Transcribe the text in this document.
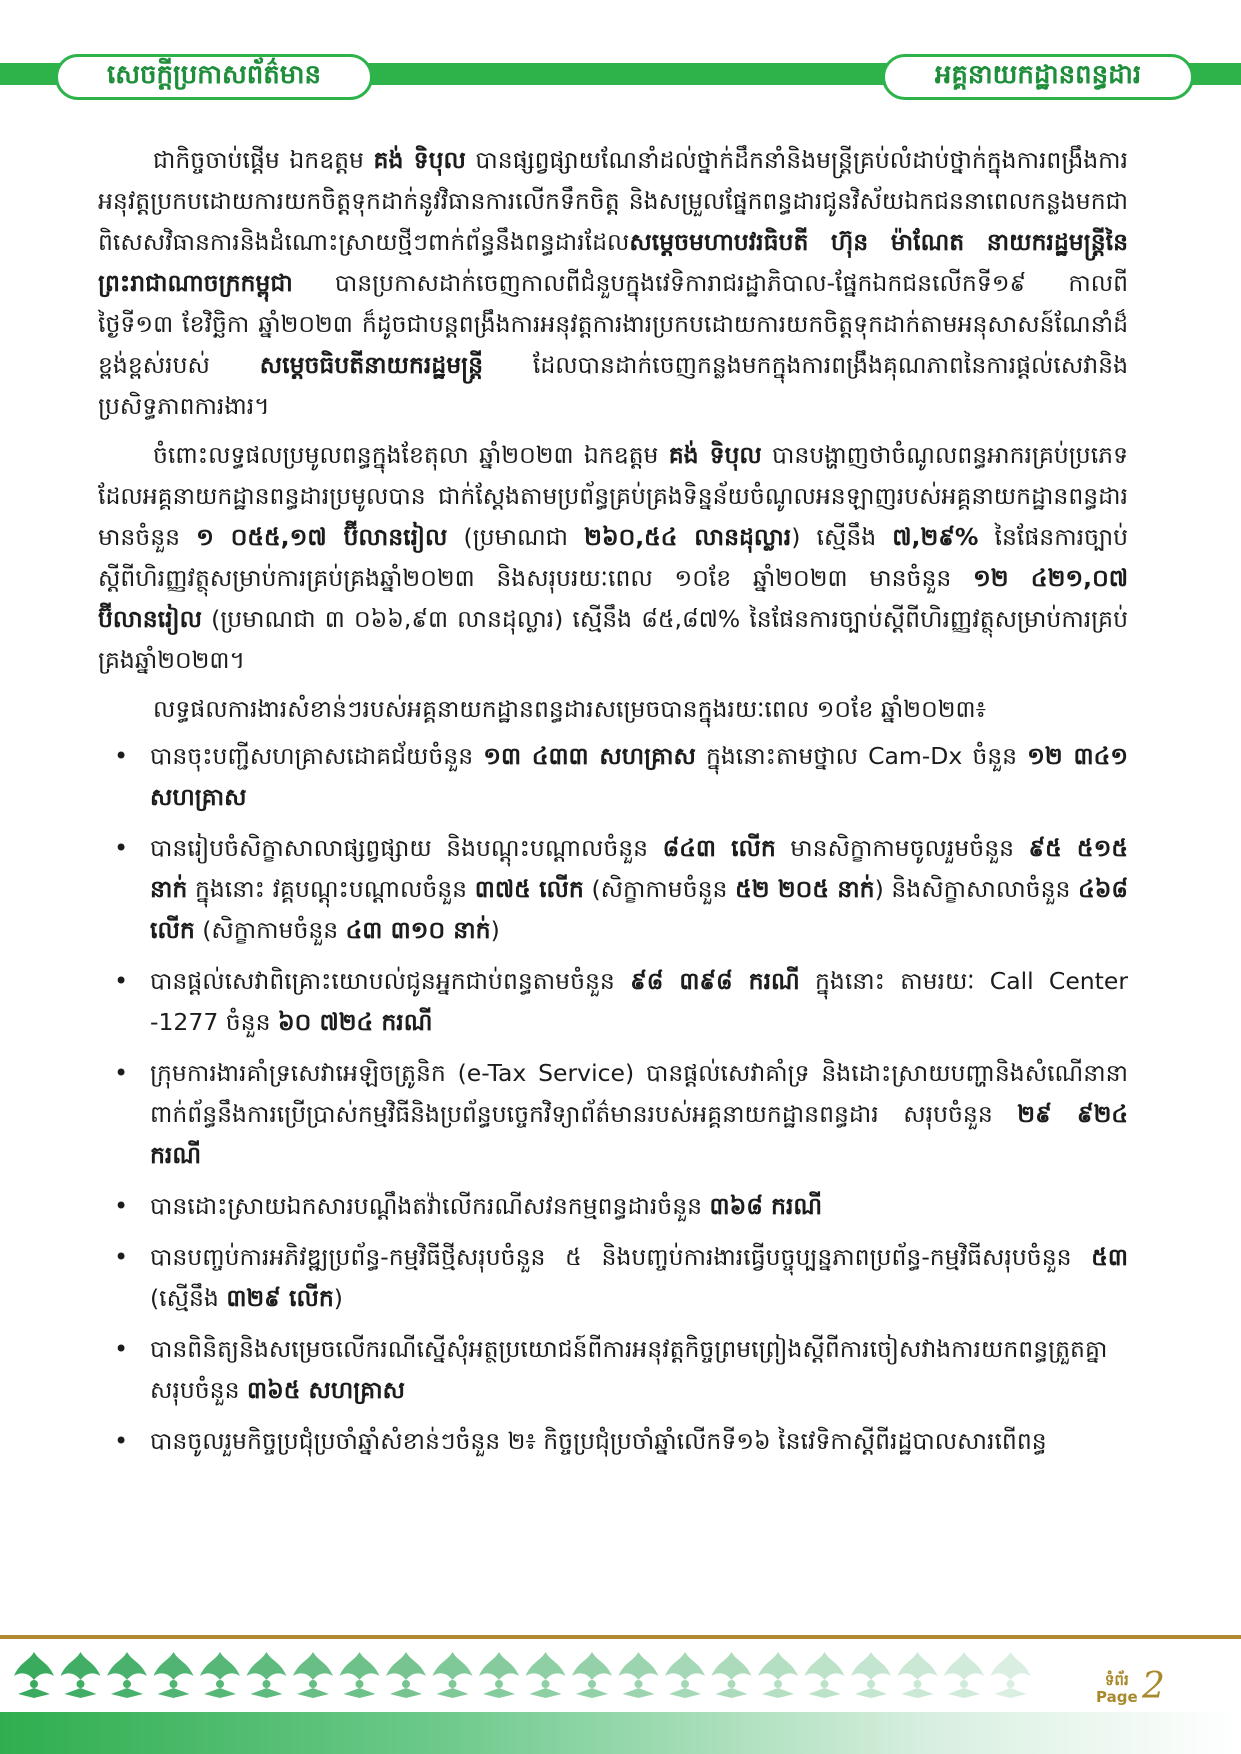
សេចក្តីប្រកាសព័ត៌មាន	អគ្គនាយកដ្ឋានពន្ធដារ

ជាកិច្ចចាប់ផ្តើម ឯកឧត្តម គង់ ទិបុល បានផ្សព្វផ្សាយណែនាំដល់ថ្នាក់ដឹកនាំនិងមន្ត្រីគ្រប់លំដាប់ថ្នាក់ក្នុងការពង្រឹងការអនុវត្តប្រកបដោយការយកចិត្តទុកដាក់នូវវិធានការលើកទឹកចិត្ត និងសម្រួលផ្នែកពន្ធដារជូនវិស័យឯកជននាពេលកន្លងមកជាពិសេសវិធានការនិងដំណោះស្រាយថ្មីៗពាក់ព័ន្ធនឹងពន្ធដារដែលសម្តេចមហាបវរធិបតី ហ៊ុន ម៉ាណែត នាយករដ្ឋមន្ត្រីនៃព្រះរាជាណាចក្រកម្ពុជា បានប្រកាសដាក់ចេញកាលពីជំនួបក្នុងវេទិការាជរដ្ឋាភិបាល-ផ្នែកឯកជនលើកទី១៩ កាលពីថ្ងៃទី១៣ ខែវិច្ឆិកា ឆ្នាំ២០២៣ ក៏ដូចជាបន្តពង្រឹងការអនុវត្តការងារប្រកបដោយការយកចិត្តទុកដាក់តាមអនុសាសន៍ណែនាំដ៏ខ្ពង់ខ្ពស់របស់ សម្តេចធិបតីនាយករដ្ឋមន្ត្រី ដែលបានដាក់ចេញកន្លងមកក្នុងការពង្រឹងគុណភាពនៃការផ្តល់សេវានិងប្រសិទ្ធភាពការងារ។

ចំពោះលទ្ធផលប្រមូលពន្ធក្នុងខែតុលា ឆ្នាំ២០២៣ ឯកឧត្តម គង់ ទិបុល បានបង្ហាញថាចំណូលពន្ធអាករគ្រប់ប្រភេទដែលអគ្គនាយកដ្ឋានពន្ធដារប្រមូលបាន ជាក់ស្តែងតាមប្រព័ន្ធគ្រប់គ្រងទិន្នន័យចំណូលអនឡាញរបស់អគ្គនាយកដ្ឋានពន្ធដារមានចំនួន ១ ០៥៥,១៧ ប៊ីលានរៀល (ប្រមាណជា ២៦០,៥៤ លានដុល្លារ) ស្មើនឹង ៧,២៩% នៃផែនការច្បាប់ស្តីពីហិរញ្ញវត្ថុសម្រាប់ការគ្រប់គ្រងឆ្នាំ២០២៣ និងសរុបរយៈពេល ១០ខែ ឆ្នាំ២០២៣ មានចំនួន ១២ ៤២១,០៧ ប៊ីលានរៀល (ប្រមាណជា ៣ ០៦៦,៩៣ លានដុល្លារ) ស្មើនឹង ៨៥,៨៧% នៃផែនការច្បាប់ស្តីពីហិរញ្ញវត្ថុសម្រាប់ការគ្រប់គ្រងឆ្នាំ២០២៣។

លទ្ធផលការងារសំខាន់ៗរបស់អគ្គនាយកដ្ឋានពន្ធដារសម្រេចបានក្នុងរយៈពេល ១០ខែ ឆ្នាំ២០២៣៖

• បានចុះបញ្ជីសហគ្រាសដោគជ័យចំនួន ១៣ ៤៣៣ សហគ្រាស ក្នុងនោះតាមថ្នាល Cam-Dx ចំនួន ១២ ៣៤១ សហគ្រាស
• បានរៀបចំសិក្ខាសាលាផ្សព្វផ្សាយ និងបណ្តុះបណ្តាលចំនួន ៨៤៣ លើក មានសិក្ខាកាមចូលរួមចំនួន ៩៥ ៥១៥ នាក់ ក្នុងនោះ វគ្គបណ្តុះបណ្តាលចំនួន ៣៧៥ លើក (សិក្ខាកាមចំនួន ៥២ ២០៥ នាក់) និងសិក្ខាសាលាចំនួន ៤៦៨ លើក (សិក្ខាកាមចំនួន ៤៣ ៣១០ នាក់)
• បានផ្តល់សេវាពិគ្រោះយោបល់ជូនអ្នកជាប់ពន្ធតាមចំនួន ៩៨ ៣៩៨ ករណី ក្នុងនោះ តាមរយៈ Call Center -1277 ចំនួន ៦០ ៧២៤ ករណី
• ក្រុមការងារគាំទ្រសេវាអេឡិចត្រូនិក (e-Tax Service) បានផ្តល់សេវាគាំទ្រ និងដោះស្រាយបញ្ហានិងសំណើនានាពាក់ព័ន្ធនឹងការប្រើប្រាស់កម្មវិធីនិងប្រព័ន្ធបច្ចេកវិទ្យាព័ត៌មានរបស់អគ្គនាយកដ្ឋានពន្ធដារ សរុបចំនួន ២៩ ៩២៤ ករណី
• បានដោះស្រាយឯកសារបណ្តឹងតវ៉ាលើករណីសវនកម្មពន្ធដារចំនួន ៣៦៨ ករណី
• បានបញ្ចប់ការអភិវឌ្ឍប្រព័ន្ធ-កម្មវិធីថ្មីសរុបចំនួន ៥ និងបញ្ចប់ការងារធ្វើបច្ចុប្បន្នភាពប្រព័ន្ធ-កម្មវិធីសរុបចំនួន ៥៣ (ស្មើនឹង ៣២៩ លើក)
• បានពិនិត្យនិងសម្រេចលើករណីស្នើសុំអត្ថប្រយោជន៍ពីការអនុវត្តកិច្ចព្រមព្រៀងស្តីពីការចៀសវាងការយកពន្ធត្រួតគ្នាសរុបចំនួន ៣៦៥ សហគ្រាស
• បានចូលរួមកិច្ចប្រជុំប្រចាំឆ្នាំសំខាន់ៗចំនួន ២៖ កិច្ចប្រជុំប្រចាំឆ្នាំលើកទី១៦ នៃវេទិកាស្តីពីរដ្ឋបាលសារពើពន្ធ
ទំព័រ
Page 2
